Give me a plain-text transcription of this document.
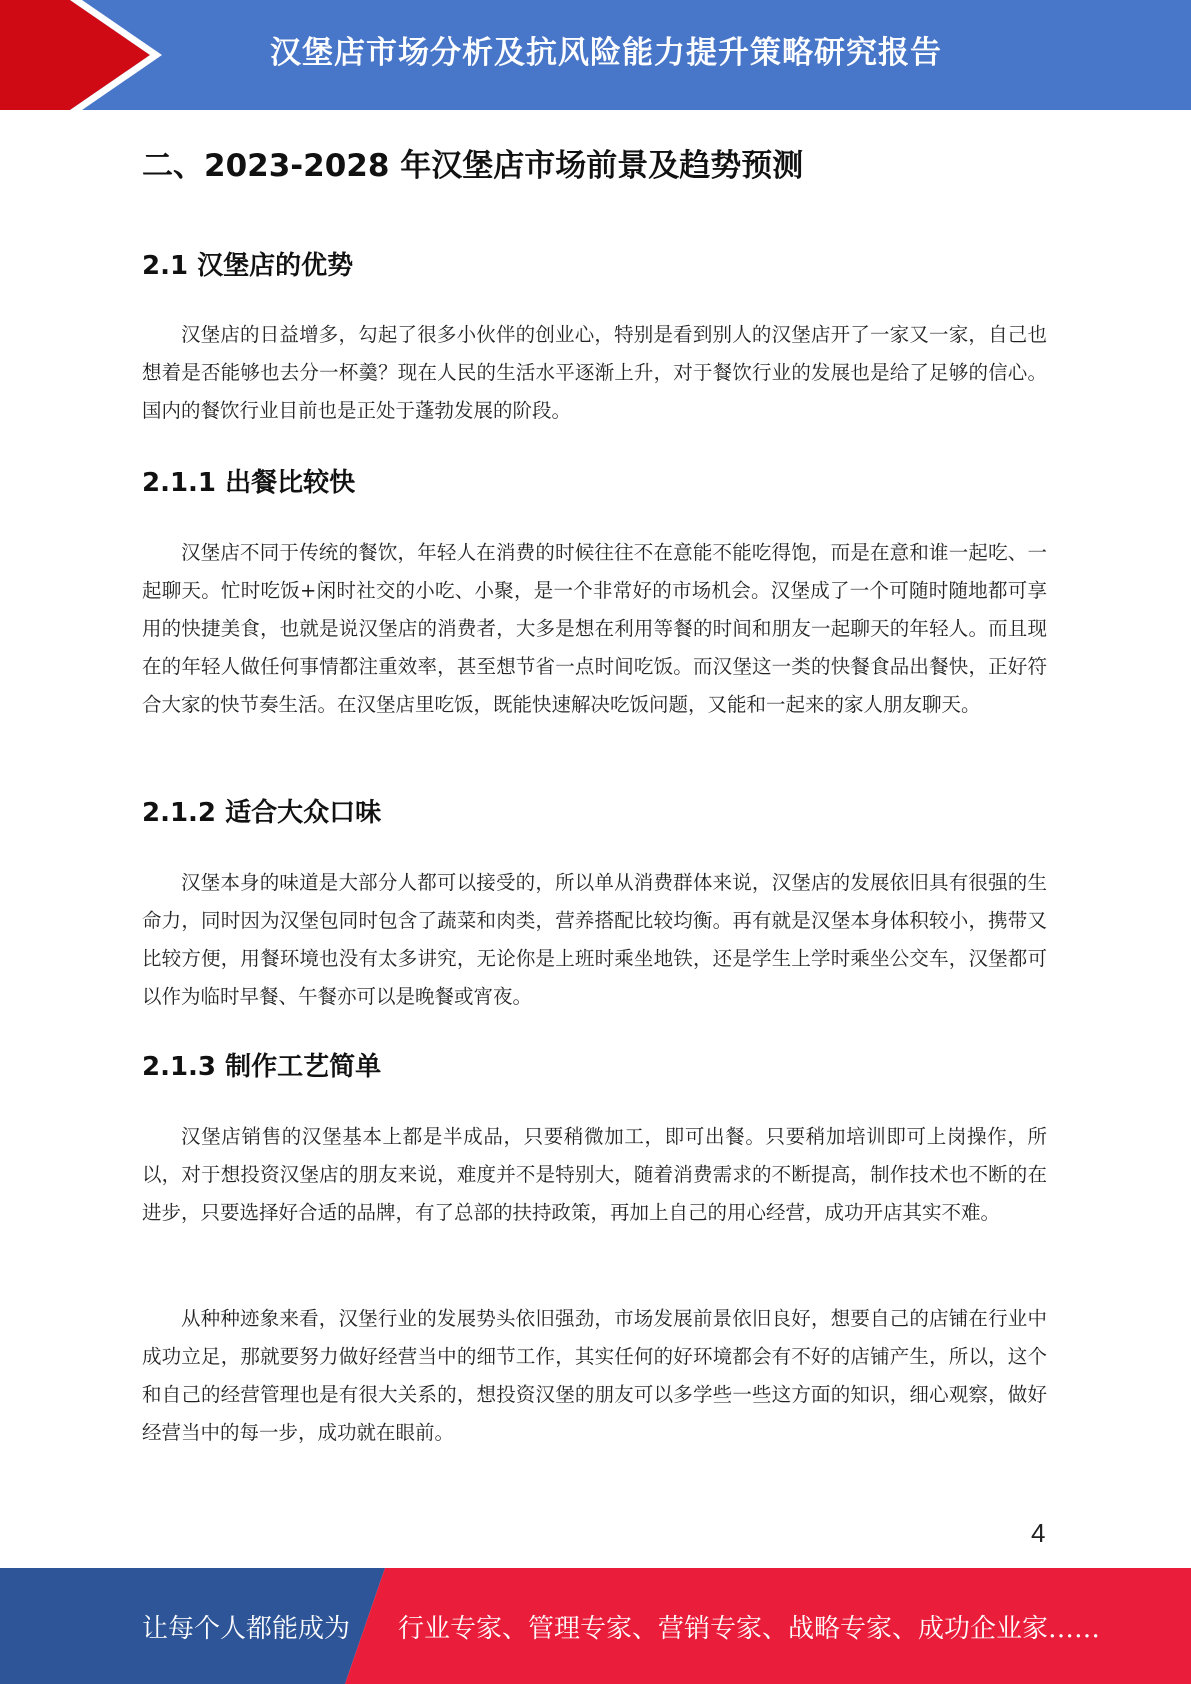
汉堡店市场分析及抗风险能力提升策略研究报告
二、2023-2028 年汉堡店市场前景及趋势预测
2.1 汉堡店的优势

汉堡店的日益增多，勾起了很多小伙伴的创业心，特别是看到别人的汉堡店开了一家又一家，自己也想着是否能够也去分一杯羹？现在人民的生活水平逐渐上升，对于餐饮行业的发展也是给了足够的信心。国内的餐饮行业目前也是正处于蓬勃发展的阶段。

2.1.1 出餐比较快

汉堡店不同于传统的餐饮，年轻人在消费的时候往往不在意能不能吃得饱，而是在意和谁一起吃、一起聊天。忙时吃饭+闲时社交的小吃、小聚，是一个非常好的市场机会。汉堡成了一个可随时随地都可享用的快捷美食，也就是说汉堡店的消费者，大多是想在利用等餐的时间和朋友一起聊天的年轻人。而且现在的年轻人做任何事情都注重效率，甚至想节省一点时间吃饭。而汉堡这一类的快餐食品出餐快，正好符合大家的快节奏生活。在汉堡店里吃饭，既能快速解决吃饭问题，又能和一起来的家人朋友聊天。

2.1.2 适合大众口味

汉堡本身的味道是大部分人都可以接受的，所以单从消费群体来说，汉堡店的发展依旧具有很强的生命力，同时因为汉堡包同时包含了蔬菜和肉类，营养搭配比较均衡。再有就是汉堡本身体积较小，携带又比较方便，用餐环境也没有太多讲究，无论你是上班时乘坐地铁，还是学生上学时乘坐公交车，汉堡都可以作为临时早餐、午餐亦可以是晚餐或宵夜。

2.1.3 制作工艺简单

汉堡店销售的汉堡基本上都是半成品，只要稍微加工，即可出餐。只要稍加培训即可上岗操作，所以，对于想投资汉堡店的朋友来说，难度并不是特别大，随着消费需求的不断提高，制作技术也不断的在进步，只要选择好合适的品牌，有了总部的扶持政策，再加上自己的用心经营，成功开店其实不难。

从种种迹象来看，汉堡行业的发展势头依旧强劲，市场发展前景依旧良好，想要自己的店铺在行业中成功立足，那就要努力做好经营当中的细节工作，其实任何的好环境都会有不好的店铺产生，所以，这个和自己的经营管理也是有很大关系的，想投资汉堡的朋友可以多学些一些这方面的知识，细心观察，做好经营当中的每一步，成功就在眼前。

4
让每个人都能成为 行业专家、管理专家、营销专家、战略专家、成功企业家……
